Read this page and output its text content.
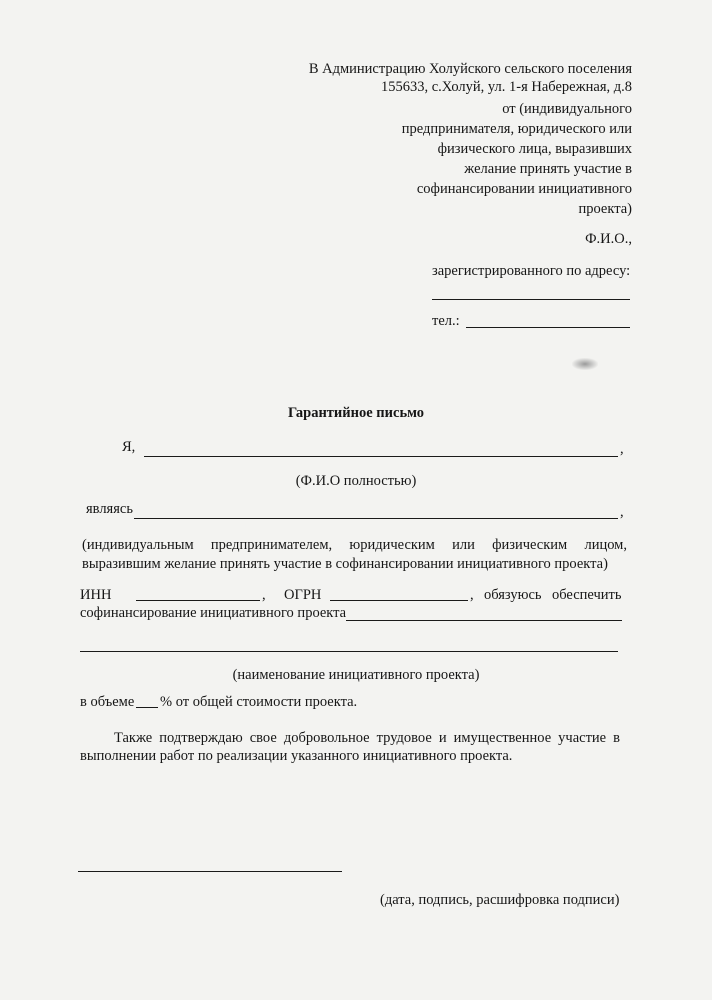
В Администрацию Холуйского сельского поселения
155633, с.Холуй, ул. 1-я Набережная, д.8
от (индивидуального
предпринимателя, юридического или
физического лица, выразивших
желание принять участие в
софинансировании инициативного
проекта)
Ф.И.О.,
зарегистрированного по адресу:
тел.:
Гарантийное письмо
Я,	,
(Ф.И.О полностью)
являясь	,
(индивидуальным предпринимателем, юридическим или физическим лицом,
выразившим желание принять участие в софинансировании инициативного проекта)
ИНН	, ОГРН	, обязуюсь обеспечить
софинансирование инициативного проекта
(наименование инициативного проекта)
в объеме % от общей стоимости проекта.
Также подтверждаю свое добровольное трудовое и имущественное участие в
выполнении работ по реализации указанного инициативного проекта.
(дата, подпись, расшифровка подписи)
